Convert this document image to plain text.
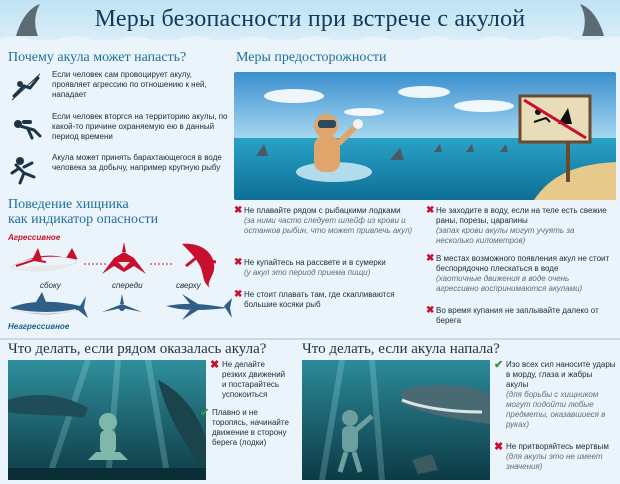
Меры безопасности при встрече с акулой
Почему акула может напасть?
Если человек сам провоцирует акулу, проявляет агрессию по отношению к ней, нападает
Если человек вторгся на территорию акулы, по какой-то причине охраняемую ею в данный период времени
Акула может принять барахтающегося в воде человека за добычу, например крупную рыбу
Поведение хищника
как индикатор опасности
Агрессивное
сбоку	спереди	сверху
Неагрессивное
Меры предосторожности
✖ Не плавайте рядом с рыбацкими лодками
(за ними часто следует шлейф из крови и останков рыбин, что может привлечь акул)
✖ Не купайтесь на рассвете и в сумерки
(у акул это период приема пищи)
✖ Не стоит плавать там, где скапливаются большие косяки рыб
✖ Не заходите в воду, если на теле есть свежие раны, порезы, царапины
(запах крови акулы могут учуять за несколько километров)
✖ В местах возможного появления акул не стоит беспорядочно плескаться в воде
(хаотичные движения в воде очень агрессивно воспринимаются акулами)
✖ Во время купания не заплывайте далеко от берега
Что делать, если рядом оказалась акула?
✖ Не делайте резких движений и постарайтесь успокоиться
✔ Плавно и не торопясь, начинайте движение в сторону берега (лодки)
Что делать, если акула напала?
✔ Изо всех сил наносите удары в морду, глаза и жабры акулы
(для борьбы с хищником могут подойти любые предметы, оказавшиеся в руках)
✖ Не притворяйтесь мертвым
(для акулы это не имеет значения)
